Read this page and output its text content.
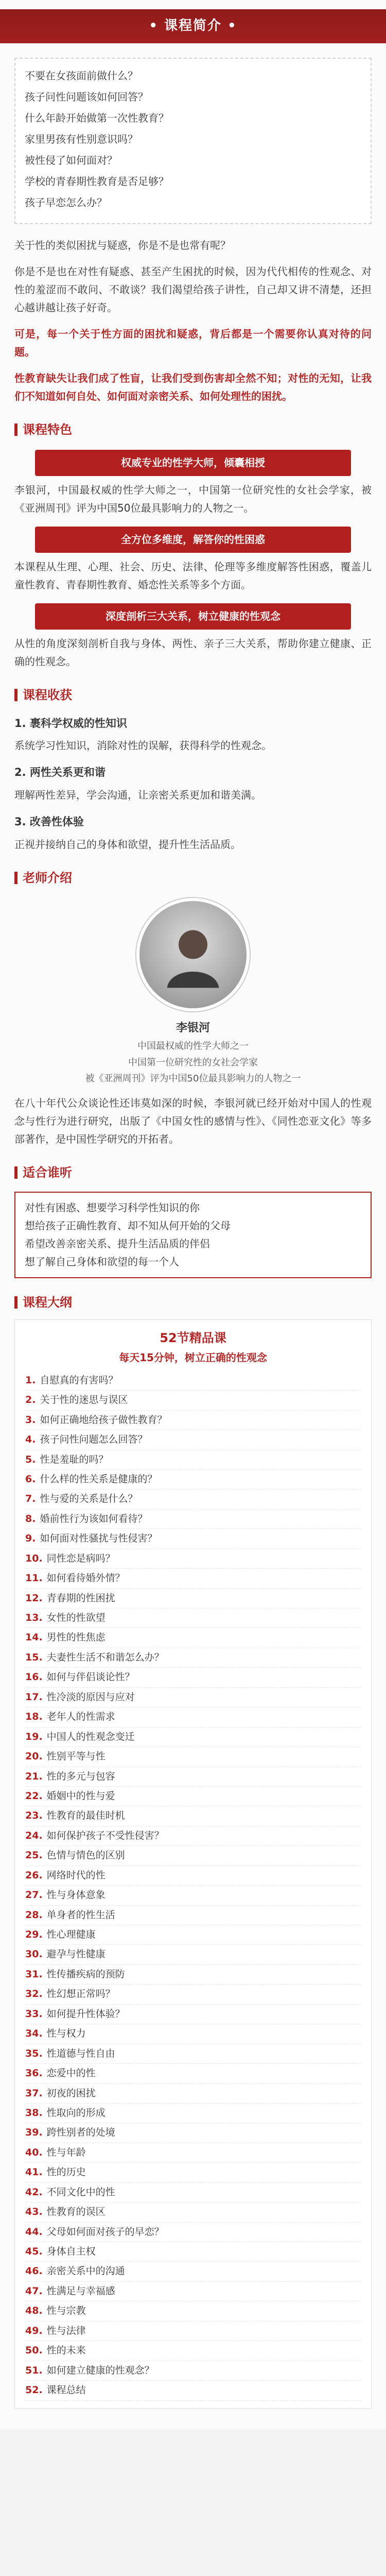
• 课程简介 •

不要在女孩面前做什么？

孩子问性问题该如何回答？

什么年龄开始做第一次性教育？

家里男孩有性别意识吗？

被性侵了如何面对？

学校的青春期性教育是否足够？

孩子早恋怎么办？

关于性的类似困扰与疑惑，你是不是也常有呢？

你是不是也在对性有疑惑、甚至产生困扰的时候，因为代代相传的性观念、对性的羞涩而不敢问、不敢谈？我们渴望给孩子讲性，自己却又讲不清楚，还担心越讲越让孩子好奇。

可是，每一个关于性方面的困扰和疑惑，背后都是一个需要你认真对待的问题。

性教育缺失让我们成了性盲，让我们受到伤害却全然不知；对性的无知，让我们不知道如何自处、如何面对亲密关系、如何处理性的困扰。

课程特色
权威专业的性学大师，倾囊相授

李银河，中国最权威的性学大师之一，中国第一位研究性的女社会学家，被《亚洲周刊》评为中国50位最具影响力的人物之一。

全方位多维度，解答你的性困惑

本课程从生理、心理、社会、历史、法律、伦理等多维度解答性困惑，覆盖儿童性教育、青春期性教育、婚恋性关系等多个方面。

深度剖析三大关系，树立健康的性观念

从性的角度深刻剖析自我与身体、两性、亲子三大关系，帮助你建立健康、正确的性观念。

课程收获
1. 裹科学权威的性知识

系统学习性知识，消除对性的误解，获得科学的性观念。

2. 两性关系更和谐

理解两性差异，学会沟通，让亲密关系更加和谐美满。

3. 改善性体验

正视并接纳自己的身体和欲望，提升性生活品质。

老师介绍
李银河
中国最权威的性学大师之一
中国第一位研究性的女社会学家
被《亚洲周刊》评为中国50位最具影响力的人物之一

在八十年代公众谈论性还讳莫如深的时候，李银河就已经开始对中国人的性观念与性行为进行研究，出版了《中国女性的感情与性》、《同性恋亚文化》等多部著作，是中国性学研究的开拓者。

适合谁听

对性有困惑、想要学习科学性知识的你

想给孩子正确性教育、却不知从何开始的父母

希望改善亲密关系、提升生活品质的伴侣

想了解自己身体和欲望的每一个人

课程大纲
52节精品课
每天15分钟，树立正确的性观念
1. 自慰真的有害吗？
2. 关于性的迷思与误区
3. 如何正确地给孩子做性教育？
4. 孩子问性问题怎么回答？
5. 性是羞耻的吗？
6. 什么样的性关系是健康的？
7. 性与爱的关系是什么？
8. 婚前性行为该如何看待？
9. 如何面对性骚扰与性侵害？
10. 同性恋是病吗？
11. 如何看待婚外情？
12. 青春期的性困扰
13. 女性的性欲望
14. 男性的性焦虑
15. 夫妻性生活不和谐怎么办？
16. 如何与伴侣谈论性？
17. 性冷淡的原因与应对
18. 老年人的性需求
19. 中国人的性观念变迁
20. 性别平等与性
21. 性的多元与包容
22. 婚姻中的性与爱
23. 性教育的最佳时机
24. 如何保护孩子不受性侵害？
25. 色情与情色的区别
26. 网络时代的性
27. 性与身体意象
28. 单身者的性生活
29. 性心理健康
30. 避孕与性健康
31. 性传播疾病的预防
32. 性幻想正常吗？
33. 如何提升性体验？
34. 性与权力
35. 性道德与性自由
36. 恋爱中的性
37. 初夜的困扰
38. 性取向的形成
39. 跨性别者的处境
40. 性与年龄
41. 性的历史
42. 不同文化中的性
43. 性教育的误区
44. 父母如何面对孩子的早恋？
45. 身体自主权
46. 亲密关系中的沟通
47. 性满足与幸福感
48. 性与宗教
49. 性与法律
50. 性的未来
51. 如何建立健康的性观念？
52. 课程总结
